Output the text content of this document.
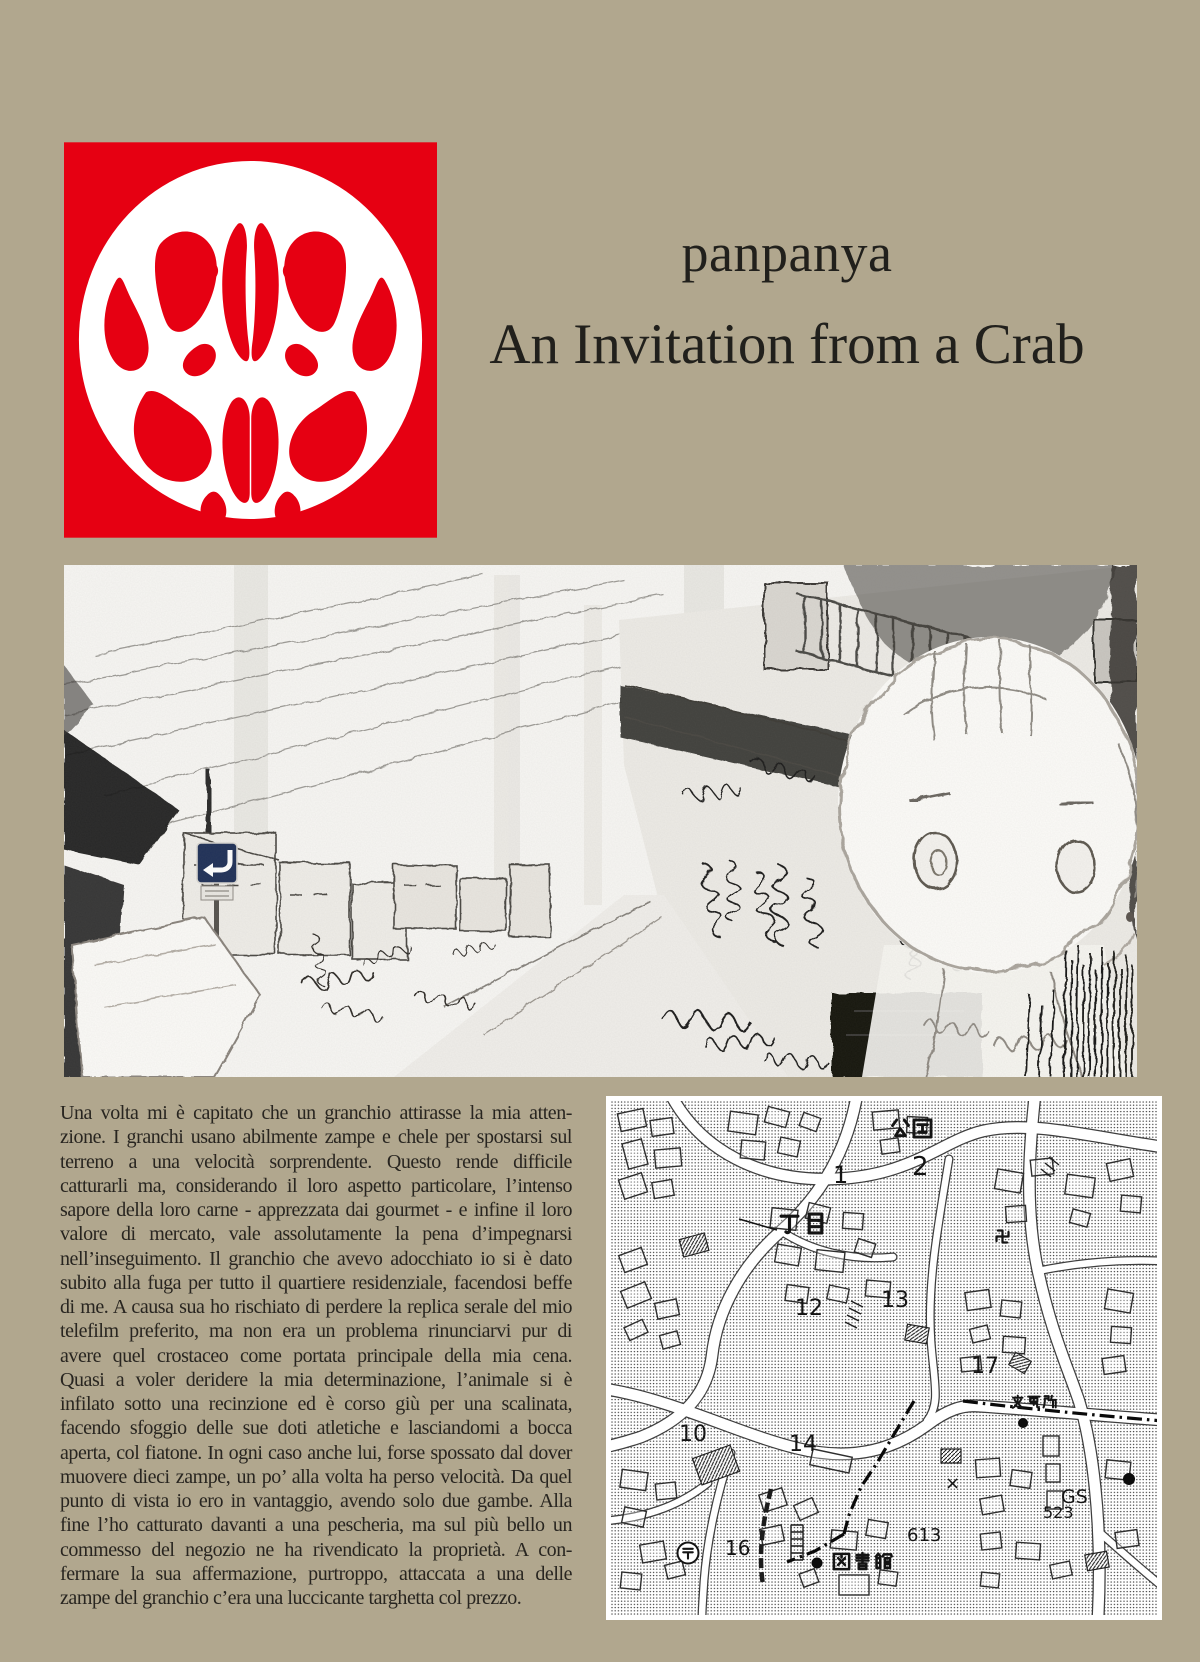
panpanya
An Invitation from a Crab
Una volta mi è capitato che un granchio attirasse la mia atten-
zione. I granchi usano abilmente zampe e chele per spostarsi sul
terreno a una velocità sorprendente. Questo rende difficile
catturarli ma, considerando il loro aspetto particolare, l’intenso
sapore della loro carne - apprezzata dai gourmet - e infine il loro
valore di mercato, vale assolutamente la pena d’impegnarsi
nell’inseguimento. Il granchio che avevo adocchiato io si è dato
subito alla fuga per tutto il quartiere residenziale, facendosi beffe
di me. A causa sua ho rischiato di perdere la replica serale del mio
telefilm preferito, ma non era un problema rinunciarvi pur di
avere quel crostaceo come portata principale della mia cena.
Quasi a voler deridere la mia determinazione, l’animale si è
infilato sotto una recinzione ed è corso giù per una scalinata,
facendo sfoggio delle sue doti atletiche e lasciandomi a bocca
aperta, col fiatone. In ogni caso anche lui, forse spossato dal dover
muovere dieci zampe, un po’ alla volta ha perso velocità. Da quel
punto di vista io ero in vantaggio, avendo solo due gambe. Alla
fine l’ho catturato davanti a una pescheria, ma sul più bello un
commesso del negozio ne ha rivendicato la proprietà. A con-
fermare la sua affermazione, purtroppo, attaccata a una delle
zampe del granchio c’era una luccicante targhetta col prezzo.
1 2
13
12
17
10	14
×
GS
523
613
16
